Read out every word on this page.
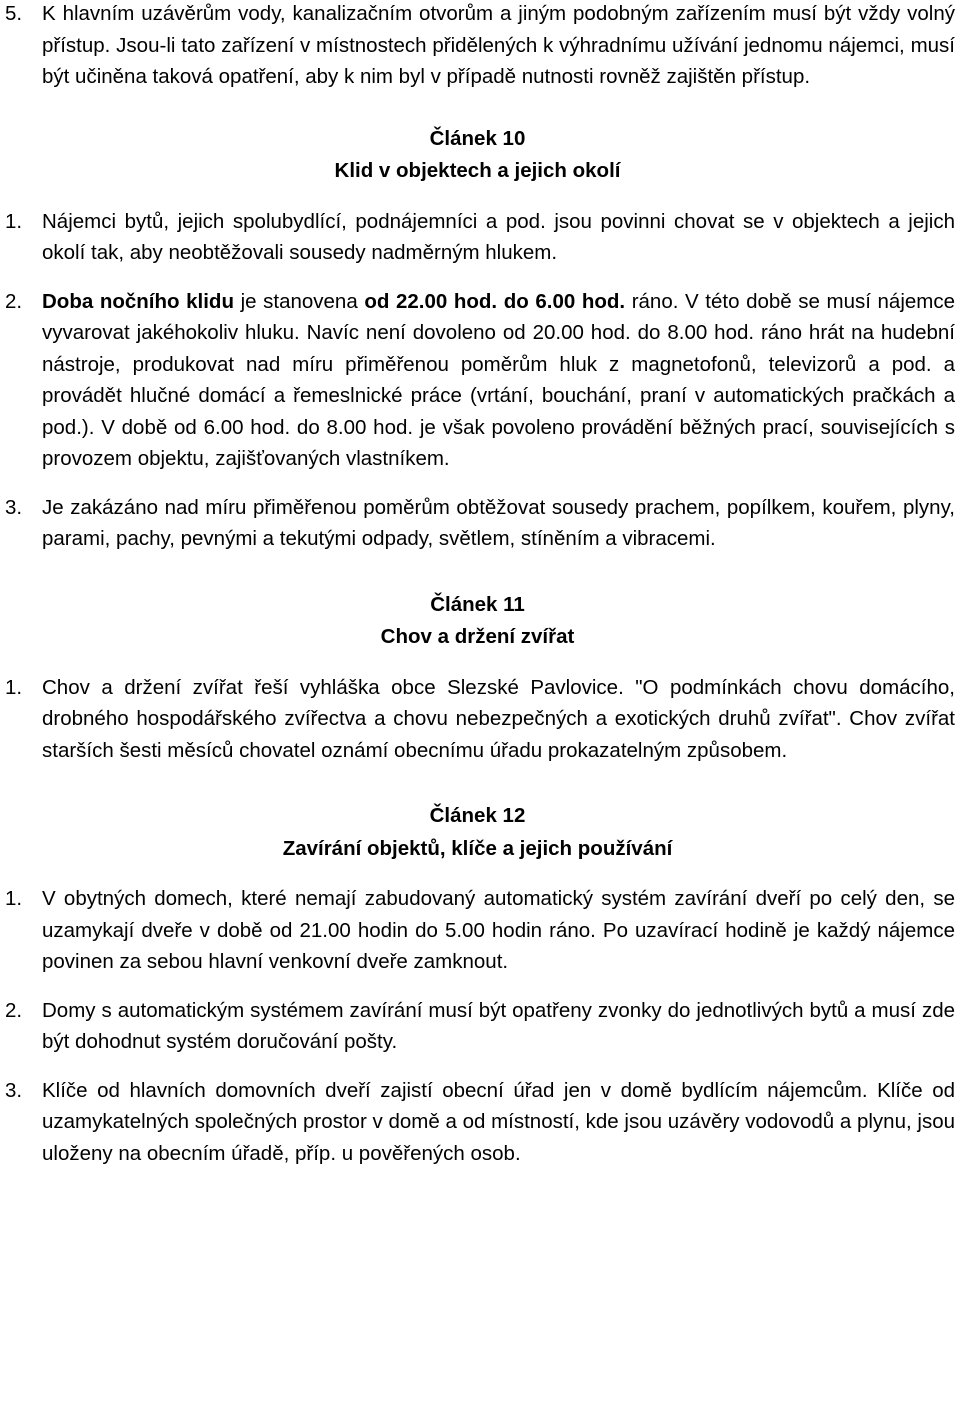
5. K hlavním uzávěrům vody, kanalizačním otvorům a jiným podobným zařízením musí být vždy volný přístup. Jsou-li tato zařízení v místnostech přidělených k výhradnímu užívání jednomu nájemci, musí být učiněna taková opatření, aby k nim byl v případě nutnosti rovněž zajištěn přístup.
Článek 10
Klid v objektech a jejich okolí
1. Nájemci bytů, jejich spolubydlící, podnájemníci a pod. jsou povinni chovat se v objektech a jejich okolí tak, aby neobtěžovali sousedy nadměrným hlukem.
2. Doba nočního klidu je stanovena od 22.00 hod. do 6.00 hod. ráno. V této době se musí nájemce vyvarovat jakéhokoliv hluku. Navíc není dovoleno od 20.00 hod. do 8.00 hod. ráno hrát na hudební nástroje, produkovat nad míru přiměřenou poměrům hluk z magnetofonů, televizorů a pod. a provádět hlučné domácí a řemeslnické práce (vrtání, bouchání, praní v automatických pračkách a pod.). V době od 6.00 hod. do 8.00 hod. je však povoleno provádění běžných prací, souvisejících s provozem objektu, zajišťovaných vlastníkem.
3. Je zakázáno nad míru přiměřenou poměrům obtěžovat sousedy prachem, popílkem, kouřem, plyny, parami, pachy, pevnými a tekutými odpady, světlem, stíněním a vibracemi.
Článek 11
Chov a držení zvířat
1. Chov a držení zvířat řeší vyhláška obce Slezské Pavlovice. "O podmínkách chovu domácího, drobného hospodářského zvířectva a chovu nebezpečných a exotických druhů zvířat". Chov zvířat starších šesti měsíců chovatel oznámí obecnímu úřadu prokazatelným způsobem.
Článek 12
Zavírání objektů, klíče a jejich používání
1. V obytných domech, které nemají zabudovaný automatický systém zavírání dveří po celý den, se uzamykají dveře v době od 21.00 hodin do 5.00 hodin ráno. Po uzavírací hodině je každý nájemce povinen za sebou hlavní venkovní dveře zamknout.
2. Domy s automatickým systémem zavírání musí být opatřeny zvonky do jednotlivých bytů a musí zde být dohodnut systém doručování pošty.
3. Klíče od hlavních domovních dveří zajistí obecní úřad jen v domě bydlícím nájemcům. Klíče od uzamykatelných společných prostor v domě a od místností, kde jsou uzávěry vodovodů a plynu, jsou uloženy na obecním úřadě, příp. u pověřených osob.
